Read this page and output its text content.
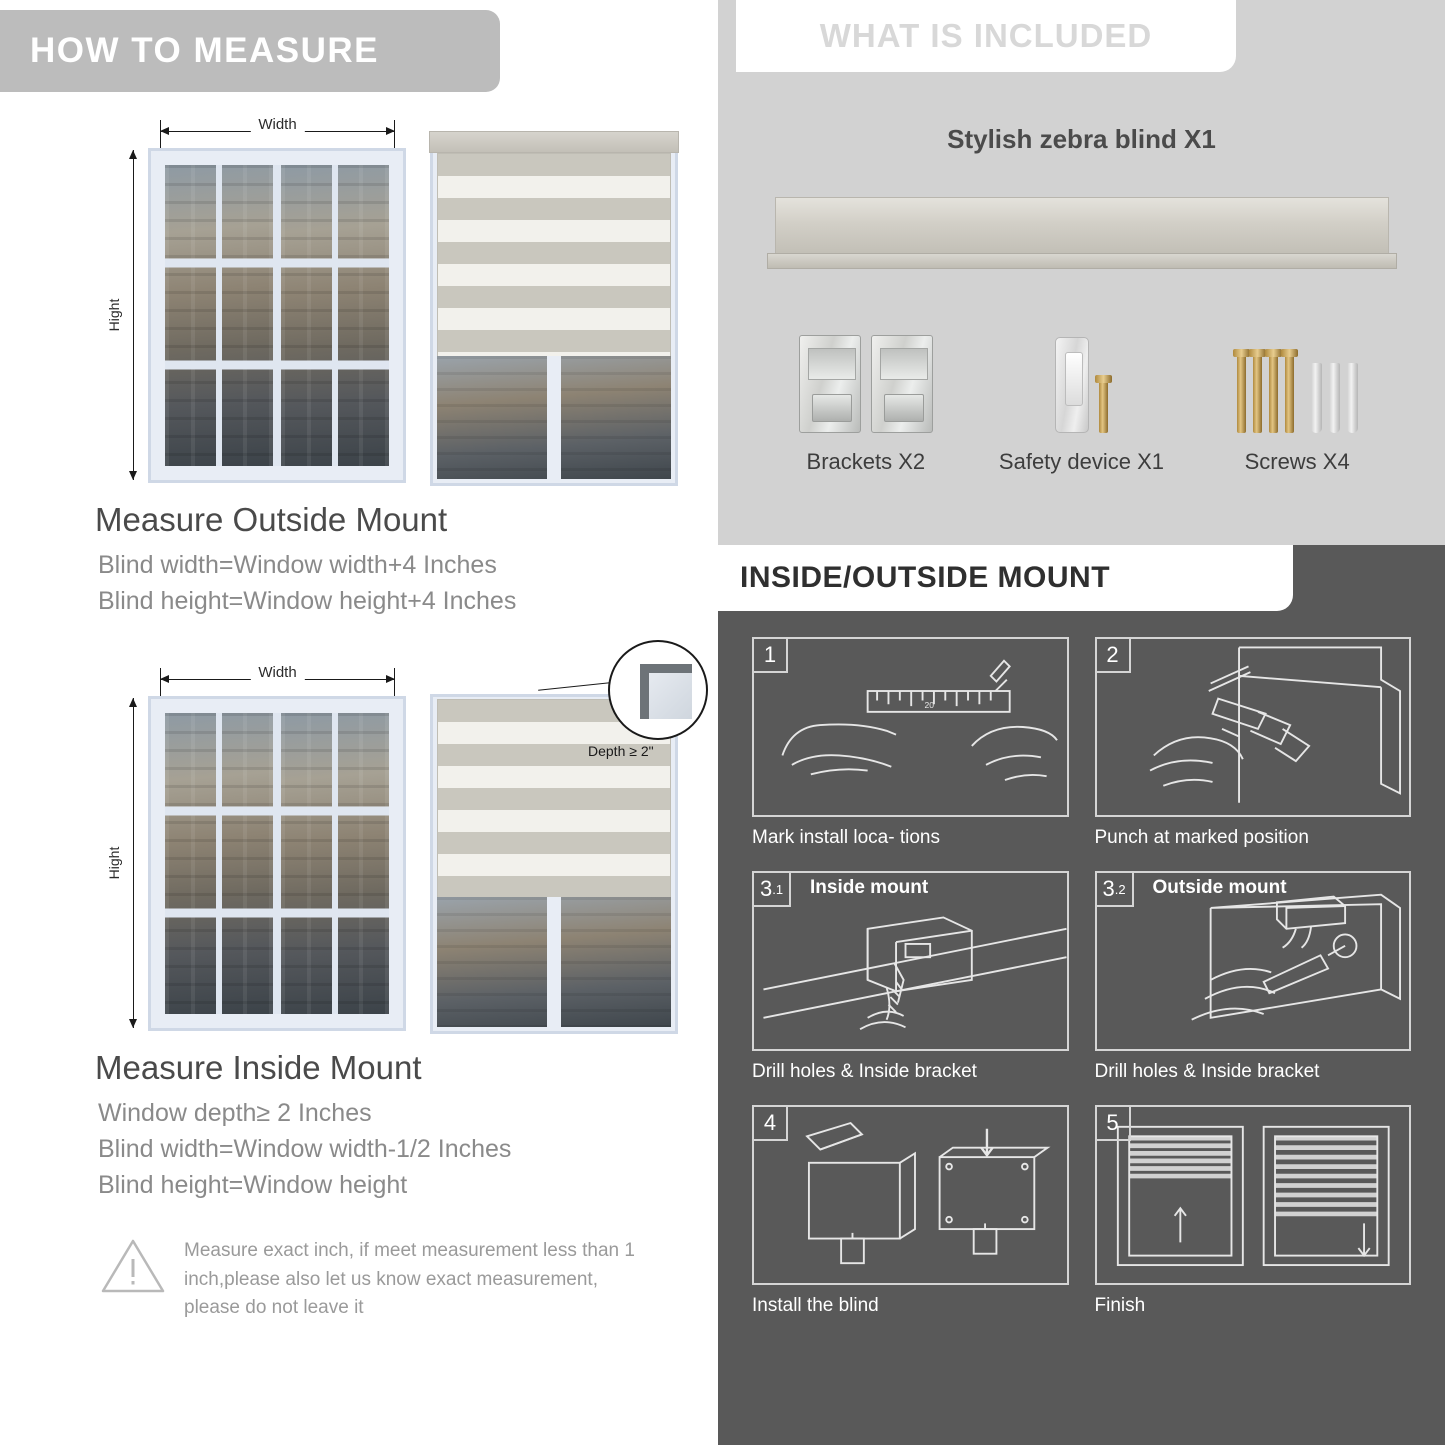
HOW TO MEASURE
Width
Hight
Measure Outside Mount
Blind width=Window width+4 Inches
Blind height=Window height+4 Inches
Width
Hight
Depth ≥ 2"
Measure Inside Mount
Window depth≥ 2 Inches
Blind width=Window width-1/2 Inches
Blind height=Window height
Measure exact inch, if meet measurement less than 1 inch,please also let us know exact measurement, please do not leave it
WHAT IS INCLUDED
Stylish zebra blind X1
Brackets X2	Safety device X1	Screws X4
INSIDE/OUTSIDE MOUNT
1
20
Mark install loca- tions
2
Punch at marked position
3 .1 Inside mount
Drill holes & Inside bracket
3 .2 Outside mount
Drill holes & Inside bracket
4
Install the blind
5
Finish
